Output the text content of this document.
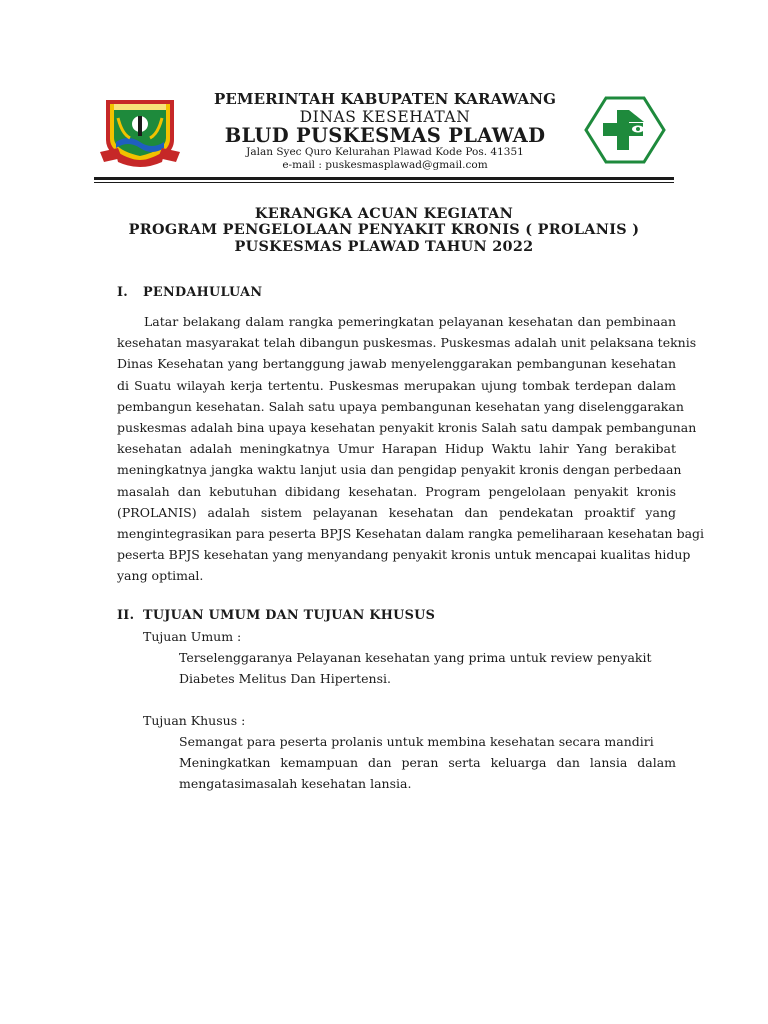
PEMERINTAH KABUPATEN KARAWANG
DINAS KESEHATAN
BLUD PUSKESMAS PLAWAD
Jalan Syec Quro Kelurahan Plawad Kode Pos. 41351
e-mail : puskesmasplawad@gmail.com
KERANGKA ACUAN KEGIATAN
PROGRAM PENGELOLAAN PENYAKIT KRONIS ( PROLANIS )
PUSKESMAS PLAWAD TAHUN 2022
I. PENDAHULUAN
Latar belakang dalam rangka pemeringkatan pelayanan kesehatan dan pembinaan
kesehatan masyarakat telah dibangun puskesmas. Puskesmas adalah unit pelaksana teknis
Dinas Kesehatan yang bertanggung jawab menyelenggarakan pembangunan kesehatan
di Suatu wilayah kerja tertentu. Puskesmas merupakan ujung tombak terdepan dalam
pembangun kesehatan. Salah satu upaya pembangunan kesehatan yang diselenggarakan
puskesmas adalah bina upaya kesehatan penyakit kronis Salah satu dampak pembangunan
kesehatan adalah meningkatnya Umur Harapan Hidup Waktu lahir Yang berakibat
meningkatnya jangka waktu lanjut usia dan pengidap penyakit kronis dengan perbedaan
masalah dan kebutuhan dibidang kesehatan. Program pengelolaan penyakit kronis
(PROLANIS) adalah sistem pelayanan kesehatan dan pendekatan proaktif yang
mengintegrasikan para peserta BPJS Kesehatan dalam rangka pemeliharaan kesehatan bagi
peserta BPJS kesehatan yang menyandang penyakit kronis untuk mencapai kualitas hidup
yang optimal.
II. TUJUAN UMUM DAN TUJUAN KHUSUS
Tujuan Umum :
Terselenggaranya Pelayanan kesehatan yang prima untuk review penyakit
Diabetes Melitus Dan Hipertensi.
Tujuan Khusus :
Semangat para peserta prolanis untuk membina kesehatan secara mandiri
Meningkatkan kemampuan dan peran serta keluarga dan lansia dalam
mengatasimasalah kesehatan lansia.
